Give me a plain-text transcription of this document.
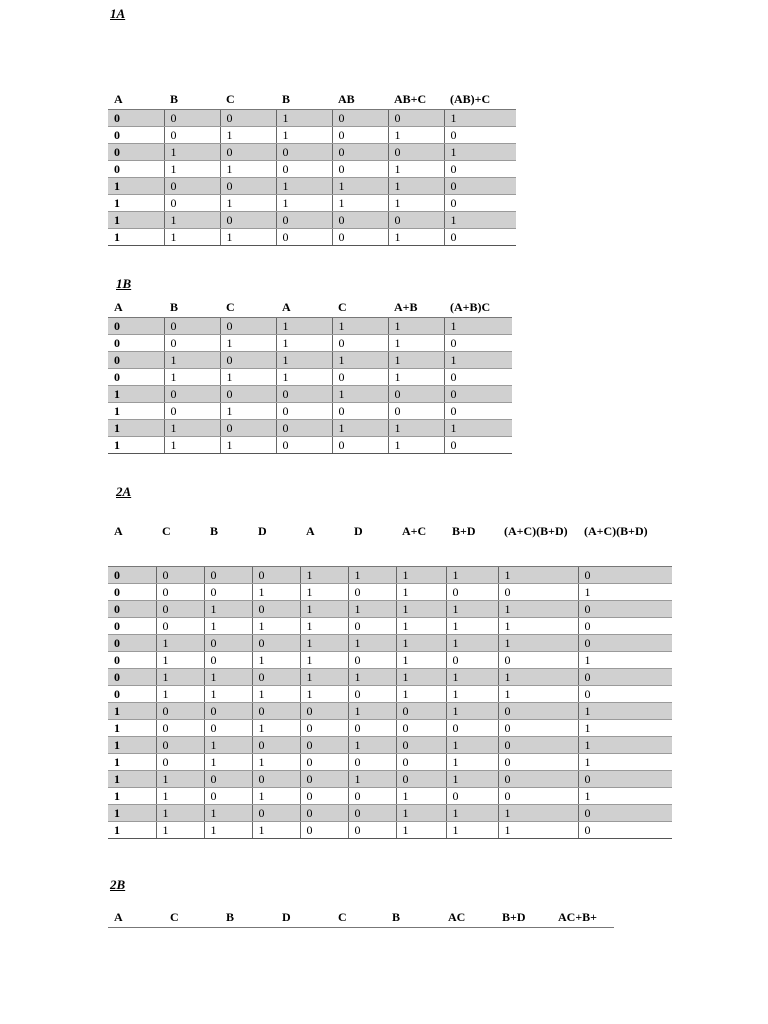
1A
A	B	C	B	AB	AB+C	(AB)+C
0	0	0	1	0	0	1
0	0	1	1	0	1	0
0	1	0	0	0	0	1
0	1	1	0	0	1	0
1	0	0	1	1	1	0
1	0	1	1	1	1	0
1	1	0	0	0	0	1
1	1	1	0	0	1	0
1B
A	B	C	A	C	A+B	(A+B)C
0	0	0	1	1	1	1
0	0	1	1	0	1	0
0	1	0	1	1	1	1
0	1	1	1	0	1	0
1	0	0	0	1	0	0
1	0	1	0	0	0	0
1	1	0	0	1	1	1
1	1	1	0	0	1	0
2A
A	C	B	D	A	D	A+C	B+D	(A+C)(B+D)	(A+C)(B+D)
0	0	0	0	1	1	1	1	1	0
0	0	0	1	1	0	1	0	0	1
0	0	1	0	1	1	1	1	1	0
0	0	1	1	1	0	1	1	1	0
0	1	0	0	1	1	1	1	1	0
0	1	0	1	1	0	1	0	0	1
0	1	1	0	1	1	1	1	1	0
0	1	1	1	1	0	1	1	1	0
1	0	0	0	0	1	0	1	0	1
1	0	0	1	0	0	0	0	0	1
1	0	1	0	0	1	0	1	0	1
1	0	1	1	0	0	0	1	0	1
1	1	0	0	0	1	0	1	0	0
1	1	0	1	0	0	1	0	0	1
1	1	1	0	0	0	1	1	1	0
1	1	1	1	0	0	1	1	1	0
2B
A	C	B	D	C	B	AC	B+D	AC+B+
